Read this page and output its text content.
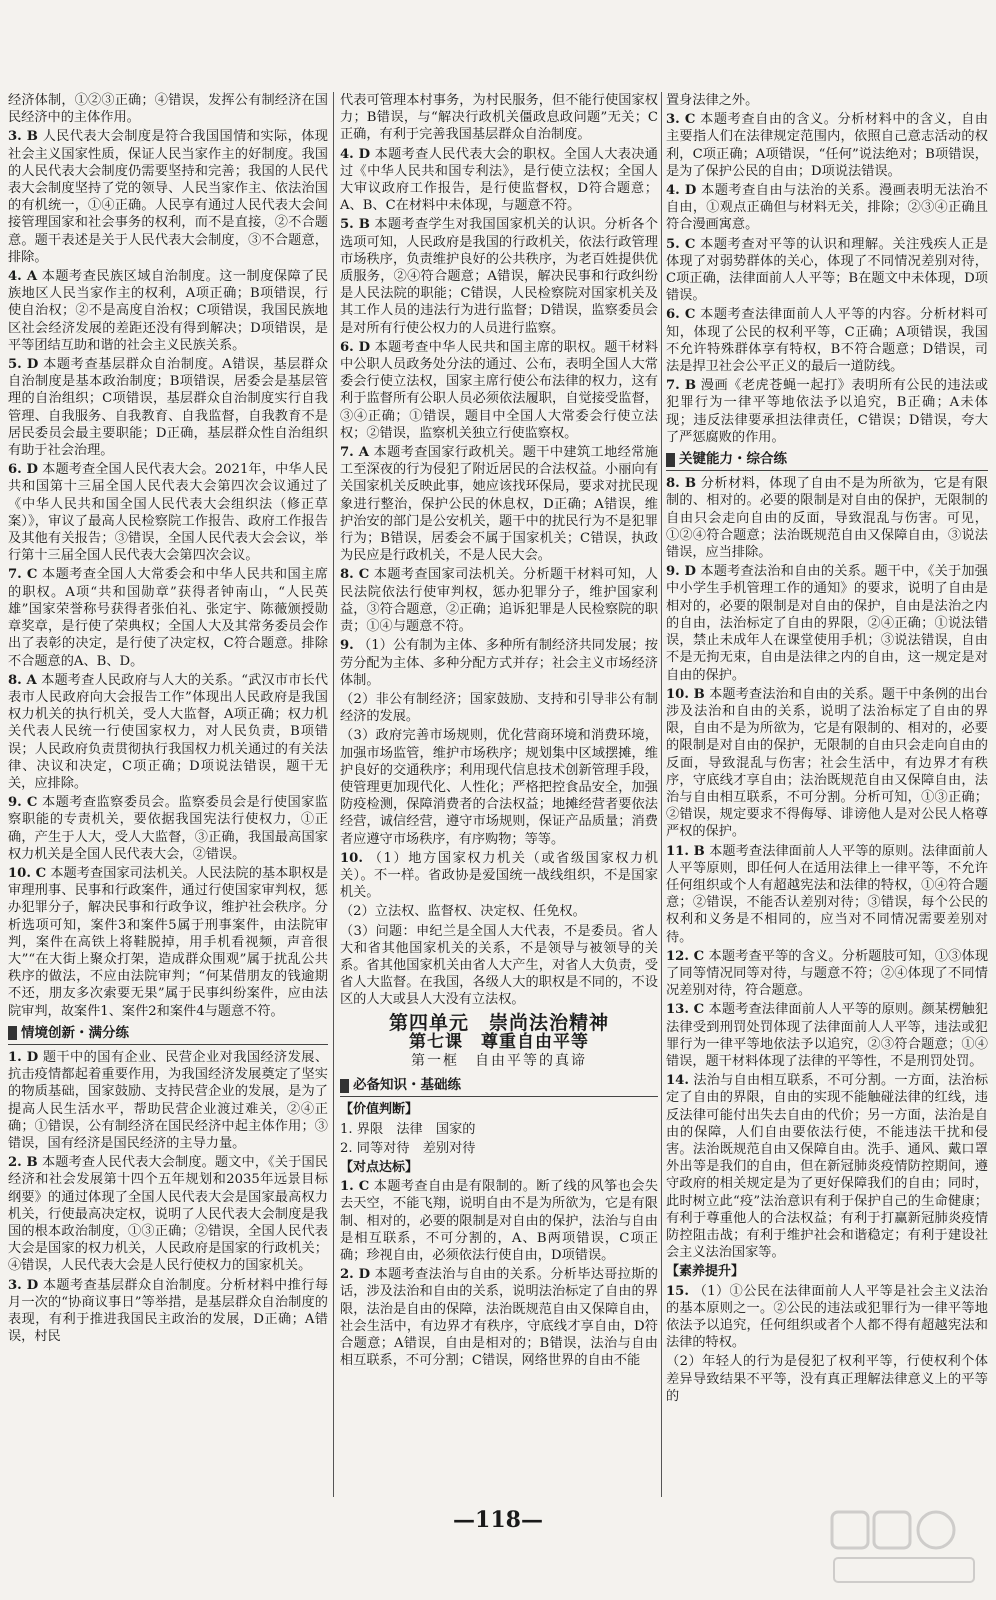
经济体制，①②③正确；④错误，发挥公有制经济在国民经济中的主体作用。
3. B 人民代表大会制度是符合我国国情和实际，体现社会主义国家性质，保证人民当家作主的好制度。我国的人民代表大会制度仍需要坚持和完善；我国的人民代表大会制度坚持了党的领导、人民当家作主、依法治国的有机统一，①④正确。人民享有通过人民代表大会间接管理国家和社会事务的权利，而不是直接，②不合题意。题干表述是关于人民代表大会制度，③不合题意，排除。
4. A 本题考查民族区域自治制度。这一制度保障了民族地区人民当家作主的权利，A项正确；B项错误，行使自治权；②不是高度自治权；C项错误，我国民族地区社会经济发展的差距还没有得到解决；D项错误，是平等团结互助和谐的社会主义民族关系。
5. D 本题考查基层群众自治制度。A错误，基层群众自治制度是基本政治制度；B项错误，居委会是基层管理的自治组织；C项错误，基层群众自治制度实行自我管理、自我服务、自我教育、自我监督，自我教育不是居民委员会最主要职能；D正确，基层群众性自治组织有助于社会治理。
6. D 本题考查全国人民代表大会。2021年，中华人民共和国第十三届全国人民代表大会第四次会议通过了《中华人民共和国全国人民代表大会组织法（修正草案）》，审议了最高人民检察院工作报告、政府工作报告及其他有关报告；③错误，全国人民代表大会会议，举行第十三届全国人民代表大会第四次会议。
7. C 本题考查全国人大常委会和中华人民共和国主席的职权。A项“共和国勋章”获得者钟南山，“人民英雄”国家荣誉称号获得者张伯礼、张定宇、陈薇颁授勋章奖章，是行使了荣典权；全国人大及其常务委员会作出了表彰的决定，是行使了决定权，C符合题意。排除不合题意的A、B、D。
8. A 本题考查人民政府与人大的关系。“武汉市市长代表市人民政府向大会报告工作”体现出人民政府是我国权力机关的执行机关，受人大监督，A项正确；权力机关代表人民统一行使国家权力，对人民负责，B项错误；人民政府负责贯彻执行我国权力机关通过的有关法律、决议和决定，C项正确；D项说法错误，题干无关，应排除。
9. C 本题考查监察委员会。监察委员会是行使国家监察职能的专责机关，要依据我国宪法行使权力，①正确，产生于人大，受人大监督，③正确，我国最高国家权力机关是全国人民代表大会，②错误。
10. C 本题考查国家司法机关。人民法院的基本职权是审理刑事、民事和行政案件，通过行使国家审判权，惩办犯罪分子，解决民事和行政争议，维护社会秩序。分析选项可知，案件3和案件5属于刑事案件，由法院审判，案件在高铁上将鞋脱掉，用手机看视频，声音很大”“在大街上聚众打架，造成群众围观”属于扰乱公共秩序的做法，不应由法院审判；“何某借朋友的钱逾期不还，朋友多次索要无果”属于民事纠纷案件，应由法院审判，故案件1、案件2和案件4与题意不符。
情境创新・满分练
1. D 题干中的国有企业、民营企业对我国经济发展、抗击疫情都起着重要作用，为我国经济发展奠定了坚实的物质基础，国家鼓励、支持民营企业的发展，是为了提高人民生活水平，帮助民营企业渡过难关，②④正确；①错误，公有制经济在国民经济中起主体作用；③错误，国有经济是国民经济的主导力量。
2. B 本题考查人民代表大会制度。题文中，《关于国民经济和社会发展第十四个五年规划和2035年远景目标纲要》的通过体现了全国人民代表大会是国家最高权力机关，行使最高决定权，说明了人民代表大会制度是我国的根本政治制度，①③正确；②错误，全国人民代表大会是国家的权力机关，人民政府是国家的行政机关；④错误，人民代表大会是人民行使权力的国家机关。
3. D 本题考查基层群众自治制度。分析材料中推行每月一次的“协商议事日”等举措，是基层群众自治制度的表现，有利于推进我国民主政治的发展，D正确；A错误，村民
代表可管理本村事务，为村民服务，但不能行使国家权力；B错误，与“解决行政机关僵政息政问题”无关；C正确，有利于完善我国基层群众自治制度。
4. D 本题考查人民代表大会的职权。全国人大表决通过《中华人民共和国专利法》，是行使立法权；全国人大审议政府工作报告，是行使监督权，D符合题意；A、B、C在材料中未体现，与题意不符。
5. B 本题考查学生对我国国家机关的认识。分析各个选项可知，人民政府是我国的行政机关，依法行政管理市场秩序，负责维护良好的公共秩序，为老百姓提供优质服务，②④符合题意；A错误，解决民事和行政纠纷是人民法院的职能；C错误，人民检察院对国家机关及其工作人员的违法行为进行监督；D错误，监察委员会是对所有行使公权力的人员进行监察。
6. D 本题考查中华人民共和国主席的职权。题干材料中公职人员政务处分法的通过、公布，表明全国人大常委会行使立法权，国家主席行使公布法律的权力，这有利于监督所有公职人员必须依法履职，自觉接受监督，③④正确；①错误，题目中全国人大常委会行使立法权；②错误，监察机关独立行使监察权。
7. A 本题考查国家行政机关。题干中建筑工地经常施工至深夜的行为侵犯了附近居民的合法权益。小丽向有关国家机关反映此事，她应该找环保局，要求对扰民现象进行整治，保护公民的休息权，D正确；A错误，维护治安的部门是公安机关，题干中的扰民行为不是犯罪行为；B错误，居委会不属于国家机关；C错误，执政为民应是行政机关，不是人民大会。
8. C 本题考查国家司法机关。分析题干材料可知，人民法院依法行使审判权，惩办犯罪分子，维护国家利益，③符合题意，②正确；追诉犯罪是人民检察院的职责；①④与题意不符。
9. （1）公有制为主体、多种所有制经济共同发展；按劳分配为主体、多种分配方式并存；社会主义市场经济体制。
（2）非公有制经济；国家鼓励、支持和引导非公有制经济的发展。
（3）政府完善市场规则，优化营商环境和消费环境，加强市场监管，维护市场秩序；规划集中区域摆摊，维护良好的交通秩序；利用现代信息技术创新管理手段，使管理更加现代化、人性化；严格把控食品安全，加强防疫检测，保障消费者的合法权益；地摊经营者要依法经营，诚信经营，遵守市场规则，保证产品质量；消费者应遵守市场秩序，有序购物；等等。
10. （1）地方国家权力机关（或省级国家权力机关）。不一样。省政协是爱国统一战线组织，不是国家机关。
（2）立法权、监督权、决定权、任免权。
（3）问题：申纪兰是全国人大代表，不是委员。省人大和省其他国家机关的关系，不是领导与被领导的关系。省其他国家机关由省人大产生，对省人大负责，受省人大监督。在我国，各级人大的职权是不同的，不设区的人大或县人大没有立法权。
第四单元　崇尚法治精神
第七课　尊重自由平等
第一框　自由平等的真谛
必备知识・基础练
【价值判断】
1. 界限　法律　国家的
2. 同等对待　差别对待
【对点达标】
1. C 本题考查自由是有限制的。断了线的风筝也会失去天空，不能飞翔，说明自由不是为所欲为，它是有限制、相对的，必要的限制是对自由的保护，法治与自由是相互联系，不可分割的，A、B两项错误，C项正确；珍视自由，必须依法行使自由，D项错误。
2. D 本题考查法治与自由的关系。分析毕达哥拉斯的话，涉及法治和自由的关系，说明法治标定了自由的界限，法治是自由的保障，法治既规范自由又保障自由，社会生活中，有边界才有秩序，守底线才享自由，D符合题意；A错误，自由是相对的；B错误，法治与自由相互联系，不可分割；C错误，网络世界的自由不能
置身法律之外。
3. C 本题考查自由的含义。分析材料中的含义，自由主要指人们在法律规定范围内，依照自己意志活动的权利，C项正确；A项错误，“任何”说法绝对；B项错误，是为了保护公民的自由；D项说法错误。
4. D 本题考查自由与法治的关系。漫画表明无法治不自由，①观点正确但与材料无关，排除；②③④正确且符合漫画寓意。
5. C 本题考查对平等的认识和理解。关注残疾人正是体现了对弱势群体的关心，体现了不同情况差别对待，C项正确，法律面前人人平等；B在题文中未体现，D项错误。
6. C 本题考查法律面前人人平等的内容。分析材料可知，体现了公民的权利平等，C正确；A项错误，我国不允许特殊群体享有特权，B不符合题意；D错误，司法是捍卫社会公平正义的最后一道防线。
7. B 漫画《老虎苍蝇一起打》表明所有公民的违法或犯罪行为一律平等地依法予以追究，B正确；A未体现；违反法律要承担法律责任，C错误；D错误，夸大了严惩腐败的作用。
关键能力・综合练
8. B 分析材料，体现了自由不是为所欲为，它是有限制的、相对的。必要的限制是对自由的保护，无限制的自由只会走向自由的反面，导致混乱与伤害。可见，①②④符合题意；法治既规范自由又保障自由，③说法错误，应当排除。
9. D 本题考查法治和自由的关系。题干中，《关于加强中小学生手机管理工作的通知》的要求，说明了自由是相对的，必要的限制是对自由的保护，自由是法治之内的自由，法治标定了自由的界限，②④正确；①说法错误，禁止未成年人在课堂使用手机；③说法错误，自由不是无拘无束，自由是法律之内的自由，这一规定是对自由的保护。
10. B 本题考查法治和自由的关系。题干中条例的出台涉及法治和自由的关系，说明了法治标定了自由的界限，自由不是为所欲为，它是有限制的、相对的，必要的限制是对自由的保护，无限制的自由只会走向自由的反面，导致混乱与伤害；社会生活中，有边界才有秩序，守底线才享自由；法治既规范自由又保障自由，法治与自由相互联系，不可分割。分析可知，①③正确；②错误，规定要求不得侮辱、诽谤他人是对公民人格尊严权的保护。
11. B 本题考查法律面前人人平等的原则。法律面前人人平等原则，即任何人在适用法律上一律平等，不允许任何组织或个人有超越宪法和法律的特权，①④符合题意；②错误，不能否认差别对待；③错误，每个公民的权利和义务是不相同的，应当对不同情况需要差别对待。
12. C 本题考查平等的含义。分析题肢可知，①③体现了同等情况同等对待，与题意不符；②④体现了不同情况差别对待，符合题意。
13. C 本题考查法律面前人人平等的原则。颜某楞触犯法律受到刑罚处罚体现了法律面前人人平等，违法或犯罪行为一律平等地依法予以追究，②③符合题意；①④错误，题干材料体现了法律的平等性，不是刑罚处罚。
14. 法治与自由相互联系，不可分割。一方面，法治标定了自由的界限，自由的实现不能触碰法律的红线，违反法律可能付出失去自由的代价；另一方面，法治是自由的保障，人们自由要依法行使，不能违法干扰和侵害。法治既规范自由又保障自由。洗手、通风、戴口罩外出等是我们的自由，但在新冠肺炎疫情防控期间，遵守政府的相关规定是为了更好保障我们的自由；同时，此时树立此“疫”法治意识有利于保护自己的生命健康；有利于尊重他人的合法权益；有利于打赢新冠肺炎疫情防控阻击战；有利于维护社会和谐稳定；有利于建设社会主义法治国家等。
【素养提升】
15. （1）①公民在法律面前人人平等是社会主义法治的基本原则之一。②公民的违法或犯罪行为一律平等地依法予以追究，任何组织或者个人都不得有超越宪法和法律的特权。
（2）年轻人的行为是侵犯了权利平等，行使权利个体差异导致结果不平等，没有真正理解法律意义上的平等的
—118—
